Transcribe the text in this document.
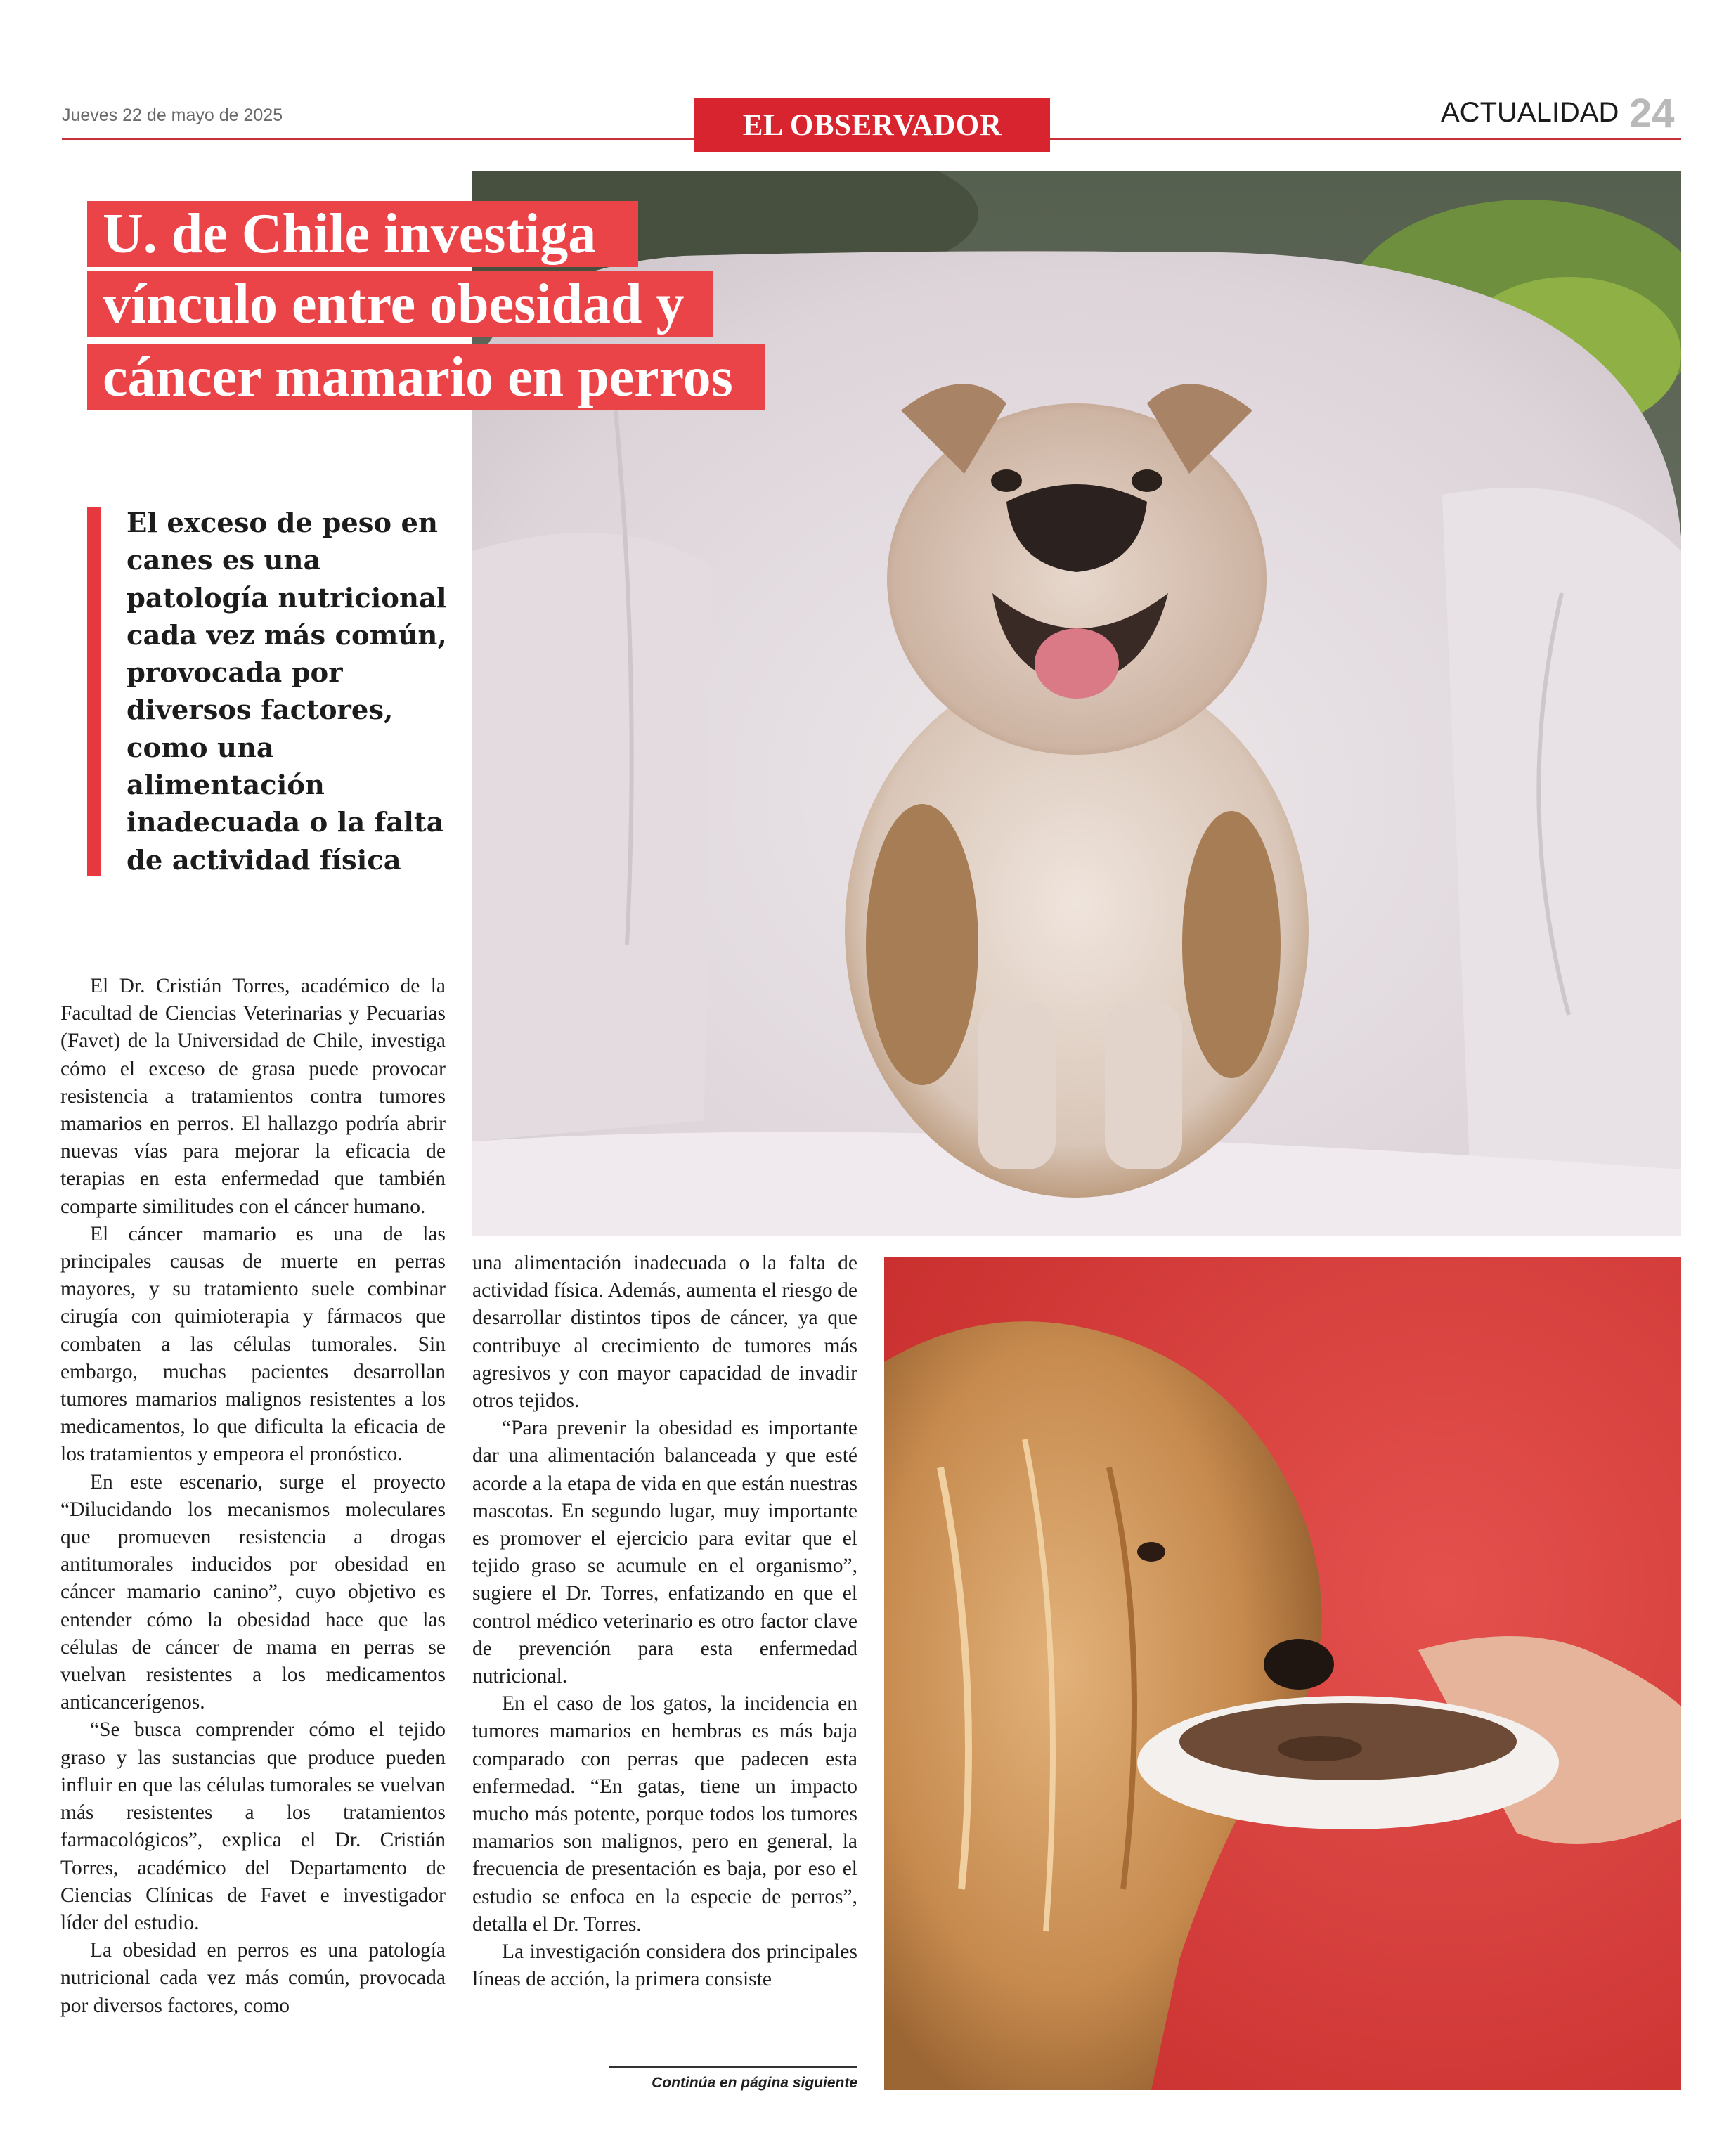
Jueves 22 de mayo de 2025	EL OBSERVADOR	ACTUALIDAD 24
U. de Chile investiga
vínculo entre obesidad y
cáncer mamario en perros
El exceso de peso en canes es una patología nutricional cada vez más común, provocada por diversos factores, como una alimentación inadecuada o la falta de actividad física

El Dr. Cristián Torres, académico de la Facultad de Ciencias Veterinarias y Pecuarias (Favet) de la Universidad de Chile, investiga cómo el exceso de grasa puede provocar resistencia a tratamientos contra tumores mamarios en perros. El hallazgo podría abrir nuevas vías para mejorar la eficacia de terapias en esta enfermedad que también comparte similitudes con el cáncer humano.

El cáncer mamario es una de las principales causas de muerte en perras mayores, y su tratamiento suele combinar cirugía con quimioterapia y fármacos que combaten a las células tumorales. Sin embargo, muchas pacientes desarrollan tumores mamarios malignos resistentes a los medicamentos, lo que dificulta la eficacia de los tratamientos y empeora el pronóstico.

En este escenario, surge el proyecto “Dilucidando los mecanismos moleculares que promueven resistencia a drogas antitumorales inducidos por obesidad en cáncer mamario canino”, cuyo objetivo es entender cómo la obesidad hace que las células de cáncer de mama en perras se vuelvan resistentes a los medicamentos anticancerígenos.

“Se busca comprender cómo el tejido graso y las sustancias que produce pueden influir en que las células tumorales se vuelvan más resistentes a los tratamientos farmacológicos”, explica el Dr. Cristián Torres, académico del Departamento de Ciencias Clínicas de Favet e investigador líder del estudio.

La obesidad en perros es una patología nutricional cada vez más común, provocada por diversos factores, como

una alimentación inadecuada o la falta de actividad física. Además, aumenta el riesgo de desarrollar distintos tipos de cáncer, ya que contribuye al crecimiento de tumores más agresivos y con mayor capacidad de invadir otros tejidos.

“Para prevenir la obesidad es importante dar una alimentación balanceada y que esté acorde a la etapa de vida en que están nuestras mascotas. En segundo lugar, muy importante es promover el ejercicio para evitar que el tejido graso se acumule en el organismo”, sugiere el Dr. Torres, enfatizando en que el control médico veterinario es otro factor clave de prevención para esta enfermedad nutricional.

En el caso de los gatos, la incidencia en tumores mamarios en hembras es más baja comparado con perras que padecen esta enfermedad. “En gatas, tiene un impacto mucho más potente, porque todos los tumores mamarios son malignos, pero en general, la frecuencia de presentación es baja, por eso el estudio se enfoca en la especie de perros”, detalla el Dr. Torres.

La investigación considera dos principales líneas de acción, la primera consiste

Continúa en página siguiente
